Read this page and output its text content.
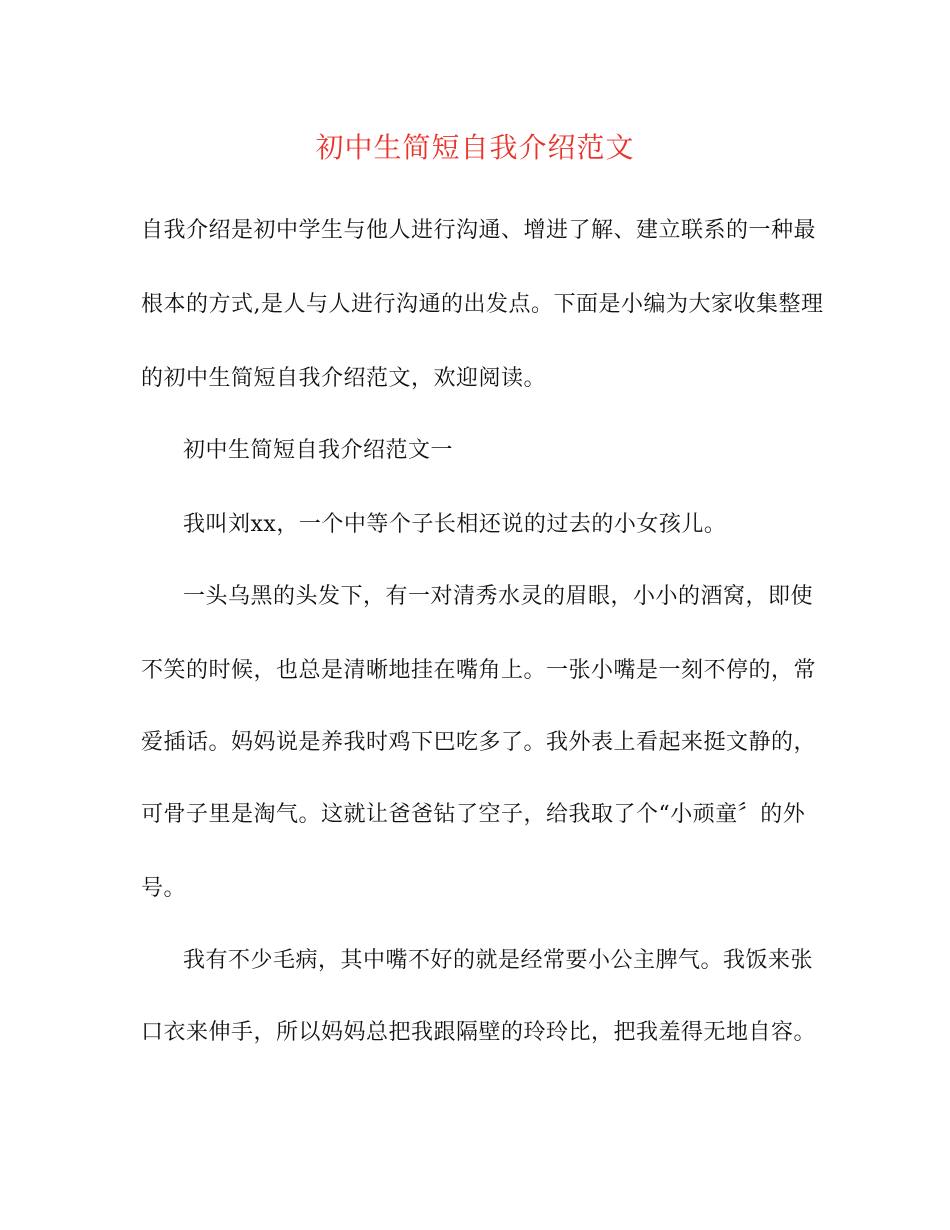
初中生简短自我介绍范文
自我介绍是初中学生与他人进行沟通、增进了解、建立联系的一种最
根本的方式,是人与人进行沟通的出发点。下面是小编为大家收集整理
的初中生简短自我介绍范文，欢迎阅读。
初中生简短自我介绍范文一
我叫刘xx，一个中等个子长相还说的过去的小女孩儿。
一头乌黑的头发下，有一对清秀水灵的眉眼，小小的酒窝，即使
不笑的时候，也总是清晰地挂在嘴角上。一张小嘴是一刻不停的，常
爱插话。妈妈说是养我时鸡下巴吃多了。我外表上看起来挺文静的，
可骨子里是淘气。这就让爸爸钻了空子，给我取了个“小顽童〞的外
号。
我有不少毛病，其中嘴不好的就是经常要小公主脾气。我饭来张
口衣来伸手，所以妈妈总把我跟隔壁的玲玲比，把我羞得无地自容。
